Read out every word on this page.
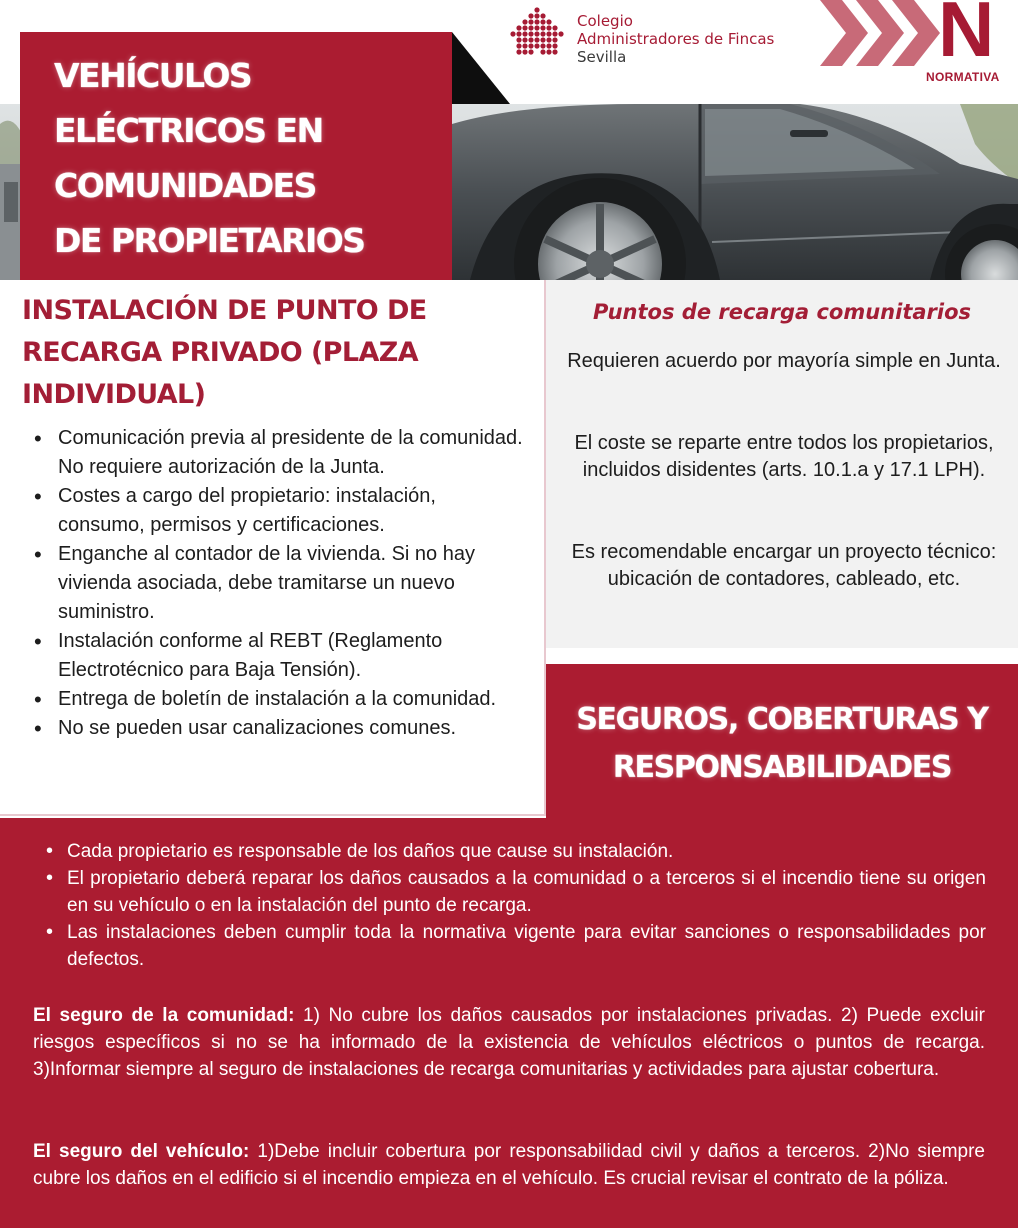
Colegio
Administradores de Fincas
Sevilla	N
NORMATIVA
VEHÍCULOS
ELÉCTRICOS EN
COMUNIDADES
DE PROPIETARIOS
INSTALACIÓN DE PUNTO DE RECARGA PRIVADO (PLAZA INDIVIDUAL)
• Comunicación previa al presidente de la comunidad. No requiere autorización de la Junta.
• Costes a cargo del propietario: instalación, consumo, permisos y certificaciones.
• Enganche al contador de la vivienda. Si no hay vivienda asociada, debe tramitarse un nuevo suministro.
• Instalación conforme al REBT (Reglamento Electrotécnico para Baja Tensión).
• Entrega de boletín de instalación a la comunidad.
• No se pueden usar canalizaciones comunes.
Puntos de recarga comunitarios
Requieren acuerdo por mayoría simple en Junta.
El coste se reparte entre todos los propietarios, incluidos disidentes (arts. 10.1.a y 17.1 LPH).
Es recomendable encargar un proyecto técnico: ubicación de contadores, cableado, etc.
SEGUROS, COBERTURAS Y
RESPONSABILIDADES
• Cada propietario es responsable de los daños que cause su instalación.
• El propietario deberá reparar los daños causados a la comunidad o a terceros si el incendio tiene su origen en su vehículo o en la instalación del punto de recarga.
• Las instalaciones deben cumplir toda la normativa vigente para evitar sanciones o responsabilidades por defectos.
El seguro de la comunidad: 1) No cubre los daños causados por instalaciones privadas. 2) Puede excluir riesgos específicos si no se ha informado de la existencia de vehículos eléctricos o puntos de recarga. 3)Informar siempre al seguro de instalaciones de recarga comunitarias y actividades para ajustar cobertura.
El seguro del vehículo: 1)Debe incluir cobertura por responsabilidad civil y daños a terceros. 2)No siempre cubre los daños en el edificio si el incendio empieza en el vehículo. Es crucial revisar el contrato de la póliza.
